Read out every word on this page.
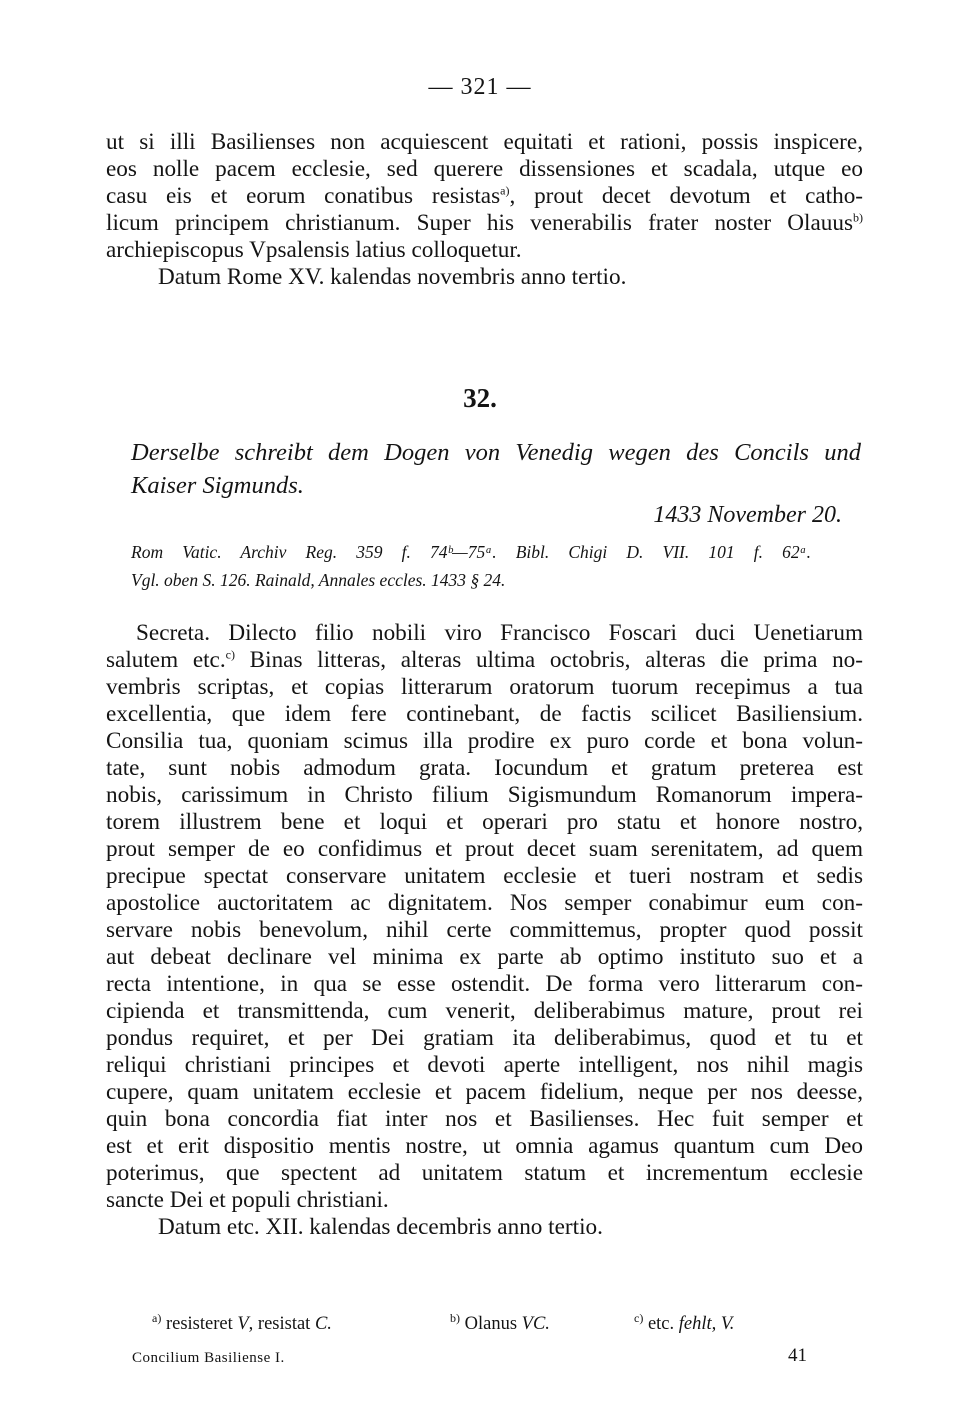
— 321 —
ut si illi Basilienses non acquiescent equitati et rationi, possis inspicere,
eos nolle pacem ecclesie, sed querere dissensiones et scadala, utque eo
casu eis et eorum conatibus resistas$^{a)}$, prout decet devotum et catho-
licum principem christianum. Super his venerabilis frater noster Olauus$^{b)}$
archiepiscopus Vpsalensis latius colloquetur.
Datum Rome XV. kalendas novembris anno tertio.
32.
Derselbe schreibt dem Dogen von Venedig wegen des Concils und
Kaiser Sigmunds.
1433 November 20.
Rom Vatic. Archiv Reg. 359 f. 74ᵇ—75ᵃ. Bibl. Chigi D. VII. 101 f. 62ᵃ.
Vgl. oben S. 126. Rainald, Annales eccles. 1433 § 24.
Secreta. Dilecto filio nobili viro Francisco Foscari duci Uenetiarum
salutem etc.$^{c)}$ Binas litteras, alteras ultima octobris, alteras die prima no-
vembris scriptas, et copias litterarum oratorum tuorum recepimus a tua
excellentia, que idem fere continebant, de factis scilicet Basiliensium.
Consilia tua, quoniam scimus illa prodire ex puro corde et bona volun-
tate, sunt nobis admodum grata. Iocundum et gratum preterea est
nobis, carissimum in Christo filium Sigismundum Romanorum impera-
torem illustrem bene et loqui et operari pro statu et honore nostro,
prout semper de eo confidimus et prout decet suam serenitatem, ad quem
precipue spectat conservare unitatem ecclesie et tueri nostram et sedis
apostolice auctoritatem ac dignitatem. Nos semper conabimur eum con-
servare nobis benevolum, nihil certe committemus, propter quod possit
aut debeat declinare vel minima ex parte ab optimo instituto suo et a
recta intentione, in qua se esse ostendit. De forma vero litterarum con-
cipienda et transmittenda, cum venerit, deliberabimus mature, prout rei
pondus requiret, et per Dei gratiam ita deliberabimus, quod et tu et
reliqui christiani principes et devoti aperte intelligent, nos nihil magis
cupere, quam unitatem ecclesie et pacem fidelium, neque per nos deesse,
quin bona concordia fiat inter nos et Basilienses. Hec fuit semper et
est et erit dispositio mentis nostre, ut omnia agamus quantum cum Deo
poterimus, que spectent ad unitatem statum et incrementum ecclesie
sancte Dei et populi christiani.
Datum etc. XII. kalendas decembris anno tertio.
$^{a)}$ resisteret V, resistat C.	$^{b)}$ Olanus VC.	$^{c)}$ etc. fehlt, V.
Concilium Basiliense I.	41
